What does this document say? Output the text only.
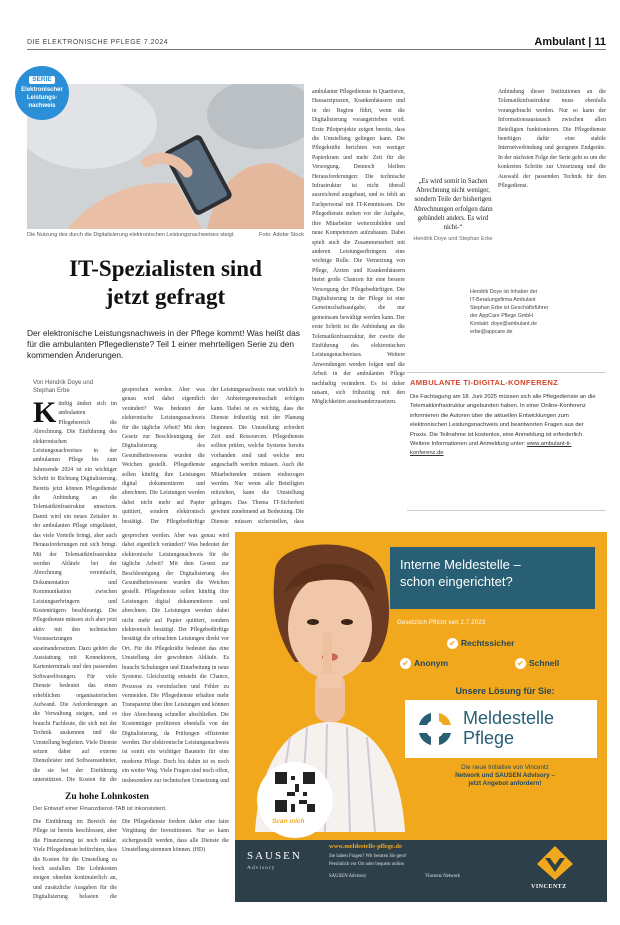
DIE ELEKTRONISCHE PFLEGE 7.2024	Ambulant | 11
SERIE
Elektronischer
Leistungs-
nachweis
Die Nutzung des durch die Digitalisierung elektronischen Leistungsnachweises steigt.	Foto: Adobe Stock
IT-Spezialisten sind
jetzt gefragt
Der elektronische Leistungsnachweis in der Pflege kommt! Was heißt das für die ambulanten Pflegedienste? Teil 1 einer mehrteiligen Serie zu den kommenden Änderungen.
Von Hendrik Doye und
Stephan Erbe
Künftig ändert sich im ambulanten Pflegebereich die Abrechnung. Die Einführung des elektronischen Leistungsnachweises in der ambulanten Pflege bis zum Jahresende 2024 ist ein wichtiger Schritt in Richtung Digitalisierung. Bereits jetzt können Pflegedienste die Anbindung an die Telematikinfrastruktur umsetzen. Damit wird ein neues Zeitalter in der ambulanten Pflege eingeläutet, das viele Vorteile bringt, aber auch Herausforderungen mit sich bringt. Mit der Telematikinfrastruktur werden Abläufe bei der Abrechnung vereinfacht, Dokumentation und Kommunikation zwischen Leistungserbringern und Kostenträgern beschleunigt. Die Pflegedienste müssen sich aber jetzt aktiv mit den technischen Voraussetzungen auseinandersetzen. Dazu gehört die Ausstattung mit Konnektoren, Kartenterminals und den passenden Softwarelösungen. Für viele Dienste bedeutet das einen erheblichen organisatorischen Aufwand. Die Anforderungen an die Verwaltung steigen, und es braucht Fachleute, die sich mit der Technik auskennen und die Umstellung begleiten. Viele Dienste setzen daher auf externe Dienstleister und Softwareanbieter, die sie bei der Einführung unterstützen. Die Kosten für die
gesprochen werden. Aber was genau wird dabei eigentlich verändert? Was bedeutet der elektronische Leistungsnachweis für die tägliche Arbeit? Mit dem Gesetz zur Beschleunigung der Digitalisierung des Gesundheitswesens wurden die Weichen gestellt. Pflegedienste sollen künftig ihre Leistungen digital dokumentieren und abrechnen. Die Leistungen werden dabei nicht mehr auf Papier quittiert, sondern elektronisch bestätigt. Der Pflegebedürftige
der Leistungsnachweis nun wirklich in der Anbietergemeinschaft erfolgen kann. Dabei ist es wichtig, dass die Dienste frühzeitig mit der Planung beginnen. Die Umstellung erfordert Zeit und Ressourcen. Pflegedienste sollten prüfen, welche Systeme bereits vorhanden sind und welche neu angeschafft werden müssen. Auch die Mitarbeitenden müssen einbezogen werden. Nur wenn alle Beteiligten mitziehen, kann die Umstellung gelingen. Das Thema IT-Sicherheit gewinnt zunehmend an Bedeutung. Die Dienste müssen sicherstellen, dass
gesprochen werden. Aber was genau wird dabei eigentlich verändert? Was bedeutet der elektronische Leistungsnachweis für die tägliche Arbeit? Mit dem Gesetz zur Beschleunigung der Digitalisierung des Gesundheitswesens wurden die Weichen gestellt. Pflegedienste sollen künftig ihre Leistungen digital dokumentieren und abrechnen. Die Leistungen werden dabei nicht mehr auf Papier quittiert, sondern elektronisch bestätigt. Der Pflegebedürftige bestätigt die erbrachten Leistungen direkt vor Ort. Für die Pflegekräfte bedeutet das eine Umstellung der gewohnten Abläufe. Es braucht Schulungen und Einarbeitung in neue Systeme. Gleichzeitig entsteht die Chance, Prozesse zu vereinfachen und Fehler zu vermeiden. Die Pflegedienste erhalten mehr Transparenz über ihre Leistungen und können ihre Abrechnung schneller abschließen. Die Kostenträger profitieren ebenfalls von der Digitalisierung, da Prüfungen effizienter werden. Der elektronische Leistungsnachweis ist somit ein wichtiger Baustein für eine moderne Pflege. Doch bis dahin ist es noch ein weiter Weg. Viele Fragen sind noch offen, insbesondere zur technischen Umsetzung und
ambulanter Pflegedienste in Quartieren, Hausarztpraxen, Krankenhäusern und in der Region führt, wenn die Digitalisierung vorangetrieben wird. Erste Pilotprojekte zeigen bereits, dass die Umstellung gelingen kann. Die Pflegekräfte berichten von weniger Papierkram und mehr Zeit für die Versorgung. Dennoch bleiben Herausforderungen: Die technische Infrastruktur ist nicht überall ausreichend ausgebaut, und es fehlt an Fachpersonal mit IT-Kenntnissen. Die Pflegedienste stehen vor der Aufgabe, ihre Mitarbeiter weiterzubilden und neue Kompetenzen aufzubauen. Dabei spielt auch die Zusammenarbeit mit anderen Leistungserbringern eine wichtige Rolle. Die Vernetzung von Pflege, Ärzten und Krankenhäusern bietet große Chancen für eine bessere Versorgung der Pflegebedürftigen. Die Digitalisierung in der Pflege ist eine Gemeinschaftsaufgabe, die nur gemeinsam bewältigt werden kann. Der erste Schritt ist die Anbindung an die Telematikinfrastruktur, der zweite die Einführung des elektronischen Leistungsnachweises. Weitere Anwendungen werden folgen und die Arbeit in der ambulanten Pflege nachhaltig verändern. Es ist daher ratsam, sich frühzeitig mit den Möglichkeiten auseinanderzusetzen.
Anbindung dieser Institutionen an die Telematikinfrastruktur muss ebenfalls vorangebracht werden. Nur so kann der Informationsaustausch zwischen allen Beteiligten funktionieren. Die Pflegedienste benötigen dafür eine stabile Internetverbindung und geeignete Endgeräte. In der nächsten Folge der Serie geht es um die konkreten Schritte zur Umsetzung und die Auswahl der passenden Technik für den Pflegedienst.
„Es wird somit in Sachen Abrechnung nicht weniger, sondern Teile der bisherigen Abrechnungen erfolgen dann gebündelt anders. Es wird nicht-“
Hendrik Doye und Stephan Erbe
Hendrik Doye ist Inhaber der
IT-Beratungsfirma Ambulant
Stephan Erbe ist Geschäftsführer
der AppCare Pflege GmbH
Kontakt: doye@ambulant.de
erbe@appcare.de
AMBULANTE TI-DIGITAL-KONFERENZ
Die Fachtagung am 18. Juni 2025 müssen sich alle Pflegedienste an die Telematikinfrastruktur angebunden haben. In einer Online-Konferenz informieren die Autoren über die aktuellen Entwicklungen zum elektronischen Leistungsnachweis und beantworten Fragen aus der Praxis. Die Teilnahme ist kostenlos, eine Anmeldung ist erforderlich. Weitere Informationen und Anmeldung unter: www.ambulant-ti-konferenz.de
Zu hohe Lohnkosten
Der Entwurf einer Finanzdienst-TAB ist inkonsistent.
Die Einführung im Bereich der Pflege ist bereits beschlossen, aber die Finanzierung ist noch unklar. Viele Pflegedienste befürchten, dass die Kosten für die Umstellung zu hoch ausfallen. Die Lohnkosten steigen ohnehin kontinuierlich an, und zusätzliche Ausgaben für die Digitalisierung belasten die
Die Pflegedienste fordern daher eine faire Vergütung der Investitionen. Nur so kann sichergestellt werden, dass alle Dienste die Umstellung stemmen können. (HD)
Interne Meldestelle –
schon eingerichtet?
Gesetzlich Pflicht seit 2.7.2023
✔ Rechtssicher
✔ Anonym	✔ Schnell
Unsere Lösung für Sie:
Meldestelle
Pflege
Die neue Initiative von Vincentz
Network und SAUSEN Advisory –
jetzt Angebot anfordern!
Scan mich
SAUSEN
Advisory
www.meldestelle-pflege.de
Sie haben Fragen? Wir beraten Sie gern!
Persönlich vor Ort oder bequem online.
SAUSEN Advisory	Vincentz Network
VINCENTZ
